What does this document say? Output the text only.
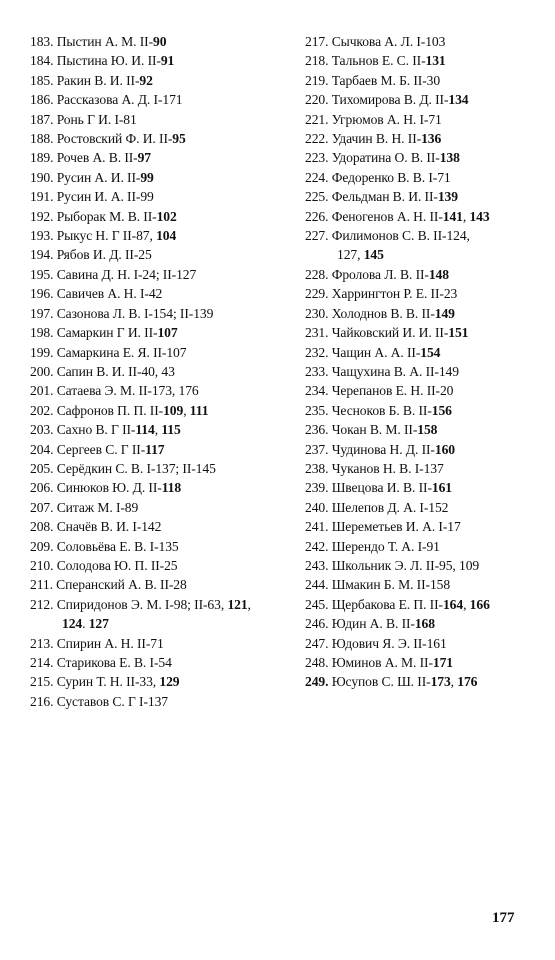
183. Пыстин А. М. II-90
184. Пыстина Ю. И. II-91
185. Ракин В. И. II-92
186. Рассказова А. Д. I-171
187. Ронь Г И. I-81
188. Ростовский Ф. И. II-95
189. Рочев А. В. II-97
190. Русин А. И. II-99
191. Русин И. А. II-99
192. Рыборак М. В. II-102
193. Рыкус Н. Г II-87, 104
194. Рябов И. Д. II-25
195. Савина Д. Н. I-24; II-127
196. Савичев А. Н. I-42
197. Сазонова Л. В. I-154; II-139
198. Самаркин Г И. II-107
199. Самаркина Е. Я. II-107
200. Сапин В. И. II-40, 43
201. Сатаева Э. М. II-173, 176
202. Сафронов П. П. II-109, 111
203. Сахно В. Г II-114, 115
204. Сергеев С. Г II-117
205. Серёдкин С. В. I-137; II-145
206. Синюков Ю. Д. II-118
207. Ситаж М. I-89
208. Сначёв В. И. I-142
209. Соловьёва Е. В. I-135
210. Солодова Ю. П. II-25
211. Сперанский А. В. II-28
212. Спиридонов Э. М. I-98; II-63, 121,
124. 127
213. Спирин А. Н. II-71
214. Старикова Е. В. I-54
215. Сурин Т. Н. II-33, 129
216. Суставов С. Г I-137
217. Сычкова А. Л. I-103
218. Тальнов Е. С. II-131
219. Тарбаев М. Б. II-30
220. Тихомирова В. Д. II-134
221. Угрюмов А. Н. I-71
222. Удачин В. Н. II-136
223. Удоратина О. В. II-138
224. Федоренко В. В. I-71
225. Фельдман В. И. II-139
226. Феногенов А. Н. II-141, 143
227. Филимонов С. В. II-124,
127, 145
228. Фролова Л. В. II-148
229. Харрингтон Р. Е. II-23
230. Холоднов В. В. II-149
231. Чайковский И. И. II-151
232. Чащин А. А. II-154
233. Чащухина В. А. II-149
234. Черепанов Е. Н. II-20
235. Чесноков Б. В. II-156
236. Чокан В. М. II-158
237. Чудинова Н. Д. II-160
238. Чуканов Н. В. I-137
239. Швецова И. В. II-161
240. Шелепов Д. А. I-152
241. Шереметьев И. А. I-17
242. Шерендо Т. А. I-91
243. Школьник Э. Л. II-95, 109
244. Шмакин Б. М. II-158
245. Щербакова Е. П. II-164, 166
246. Юдин А. В. II-168
247. Юдович Я. Э. II-161
248. Юминов А. М. II-171
249. Юсупов С. Ш. II-173, 176
177
